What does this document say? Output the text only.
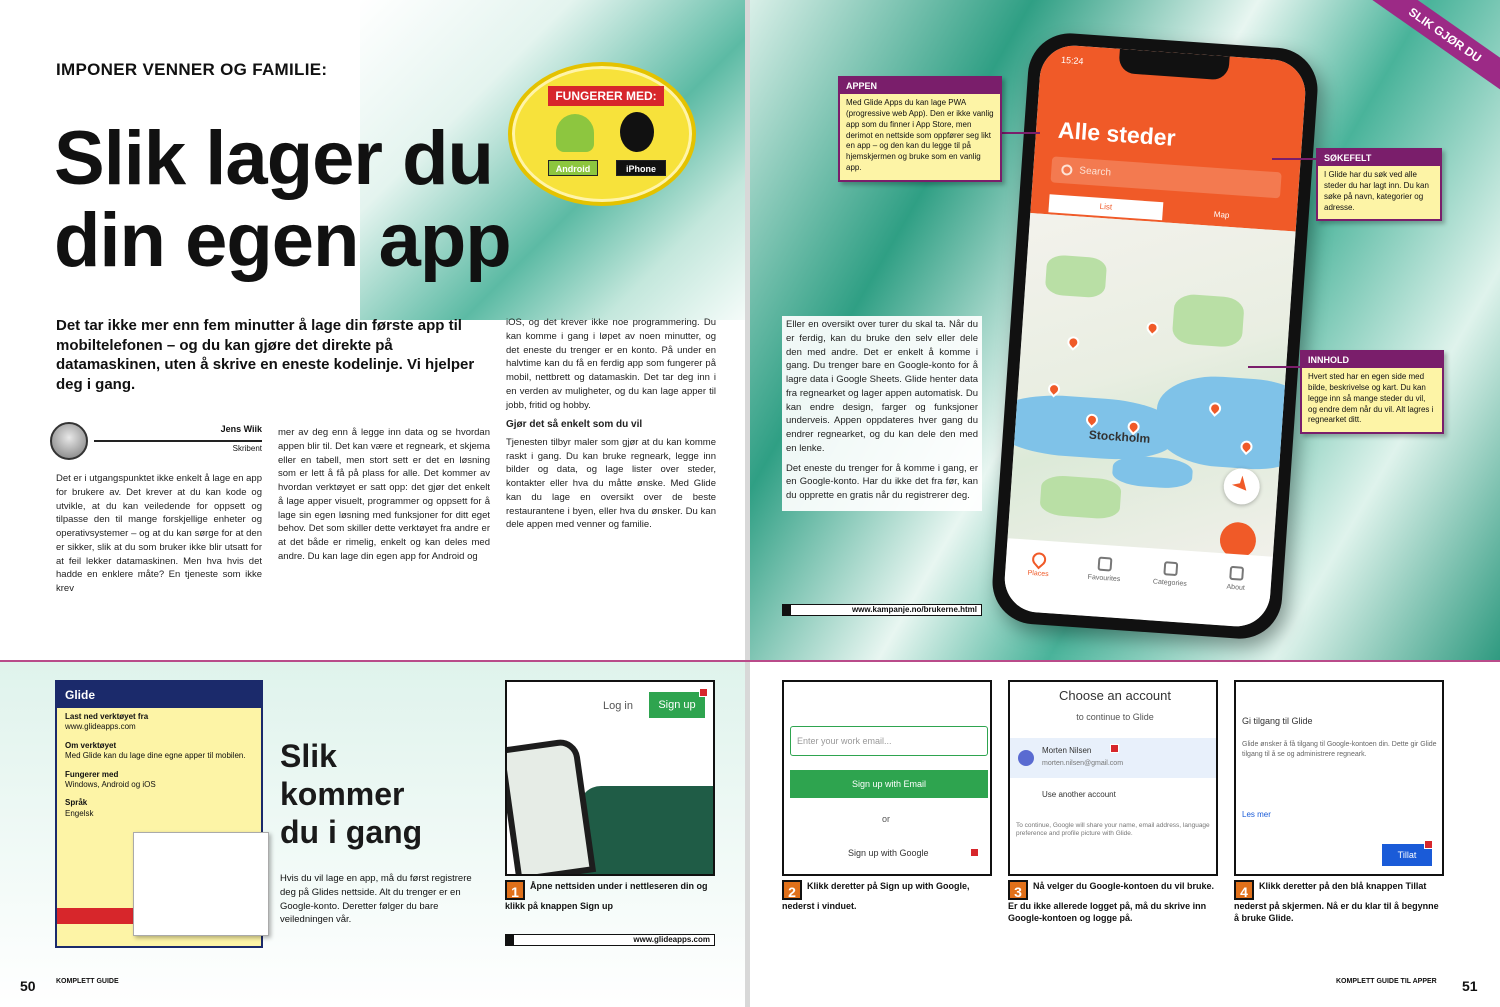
IMPONER VENNER OG FAMILIE:
Slik lager du
din egen app
FUNGERER MED:
Android	iPhone
Det tar ikke mer enn fem minutter å lage din første app til mobiltelefonen – og du kan gjøre det direkte på datamaskinen, uten å skrive en eneste kodelinje. Vi hjelper deg i gang.
Jens Wiik
Skribent

Det er i utgangspunktet ikke enkelt å lage en app for brukere av. Det krever at du kan kode og utvikle, at du kan veiledende for oppsett og tilpasse den til mange forskjellige enheter og operativsystemer – og at du kan sørge for at den er sikker, slik at du som bruker ikke blir utsatt for at feil lekker datamaskinen. Men hva hvis det hadde en enklere måte? En tjeneste som ikke krev

mer av deg enn å legge inn data og se hvordan appen blir til. Det kan være et regneark, et skjema eller en tabell, men stort sett er det en løsning som er lett å få på plass for alle. Det kommer av hvordan verktøyet er satt opp: det gjør det enkelt å lage apper visuelt, programmer og oppsett for å lage sin egen løsning med funksjoner for ditt eget behov. Det som skiller dette verktøyet fra andre er at det både er rimelig, enkelt og kan deles med andre. Du kan lage din egen app for Android og

iOS, og det krever ikke noe programmering. Du kan komme i gang i løpet av noen minutter, og det eneste du trenger er en konto. På under en halvtime kan du få en ferdig app som fungerer på mobil, nettbrett og datamaskin. Det tar deg inn i en verden av muligheter, og du kan lage apper til jobb, fritid og hobby.

Gjør det så enkelt som du vil

Tjenesten tilbyr maler som gjør at du kan komme raskt i gang. Du kan bruke regneark, legge inn bilder og data, og lage lister over steder, kontakter eller hva du måtte ønske. Med Glide kan du lage en oversikt over de beste restaurantene i byen, eller hva du ønsker. Du kan dele appen med venner og familie.

Glide
Last ned verktøyet fra
www.glideapps.com
Om verktøyet
Med Glide kan du lage dine egne apper til mobilen.
Fungerer med
Windows, Android og iOS
Språk
Engelsk
Slik
kommer
du i gang
Hvis du vil lage en app, må du først registrere deg på Glides nettside. Alt du trenger er en Google-konto. Deretter følger du bare veiledningen vår.
Log in	Sign up
1 Åpne nettsiden under i nettleseren din og klikk på knappen Sign up
www.glideapps.com
50	KOMPLETT GUIDE
SLIK GJØR DU

Eller en oversikt over turer du skal ta. Når du er ferdig, kan du bruke den selv eller dele den med andre. Det er enkelt å komme i gang. Du trenger bare en Google-konto for å lagre data i Google Sheets. Glide henter data fra regnearket og lager appen automatisk. Du kan endre design, farger og funksjoner underveis. Appen oppdateres hver gang du endrer regnearket, og du kan dele den med en lenke.

Det eneste du trenger for å komme i gang, er en Google-konto. Har du ikke det fra før, kan du opprette en gratis når du registrerer deg.

www.kampanje.no/brukerne.html
Enter your work email...
Sign up with Email
or
Sign up with Google
2 Klikk deretter på Sign up with Google, nederst i vinduet.
Choose an account
to continue to Glide
Morten Nilsen
morten.nilsen@gmail.com
Use another account
To continue, Google will share your name, email address, language preference and profile picture with Glide.
3 Nå velger du Google-kontoen du vil bruke. Er du ikke allerede logget på, må du skrive inn Google-kontoen og logge på.
Gi tilgang til Glide
Glide ønsker å få tilgang til Google-kontoen din. Dette gir Glide tilgang til å se og administrere regneark.
Les mer
Tillat
4 Klikk deretter på den blå knappen Tillat nederst på skjermen. Nå er du klar til å begynne å bruke Glide.
51
KOMPLETT GUIDE TIL APPER
15:24
Alle steder
Search
List
Map
Stockholm
Places	Favourites	Categories	About
APPEN
Med Glide Apps du kan lage PWA (progressive web App). Den er ikke vanlig app som du finner i App Store, men derimot en nettside som oppfører seg likt en app – og den kan du legge til på hjemskjermen og bruke som en vanlig app.
SØKEFELT
I Glide har du søk ved alle steder du har lagt inn. Du kan søke på navn, kategorier og adresse.
INNHOLD
Hvert sted har en egen side med bilde, beskrivelse og kart. Du kan legge inn så mange steder du vil, og endre dem når du vil. Alt lagres i regnearket ditt.
